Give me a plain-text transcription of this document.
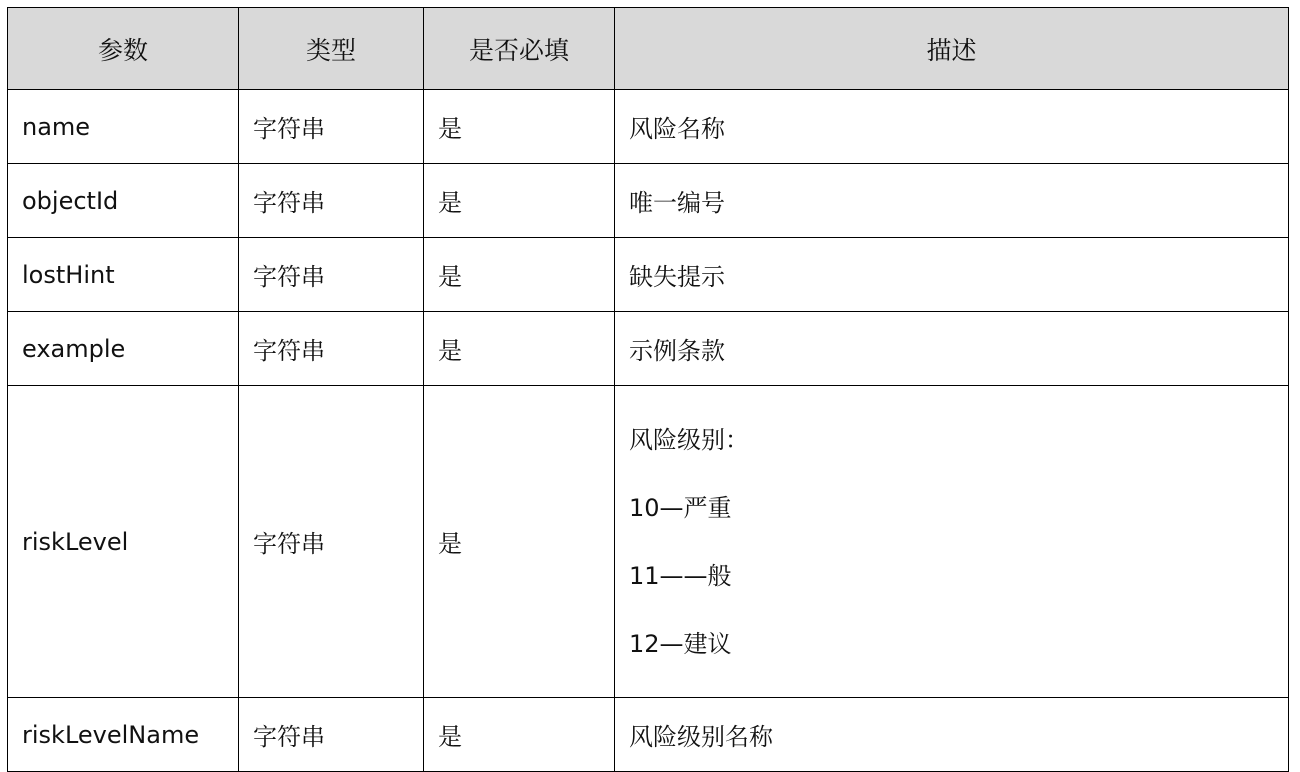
参数	类型	是否必填	描述
name	字符串	是	风险名称
objectId	字符串	是	唯一编号
lostHint	字符串	是	缺失提示
example	字符串	是	示例条款
riskLevel	字符串	是	风险级别：
10—严重
11——般
12—建议

riskLevelName	字符串	是	风险级别名称
